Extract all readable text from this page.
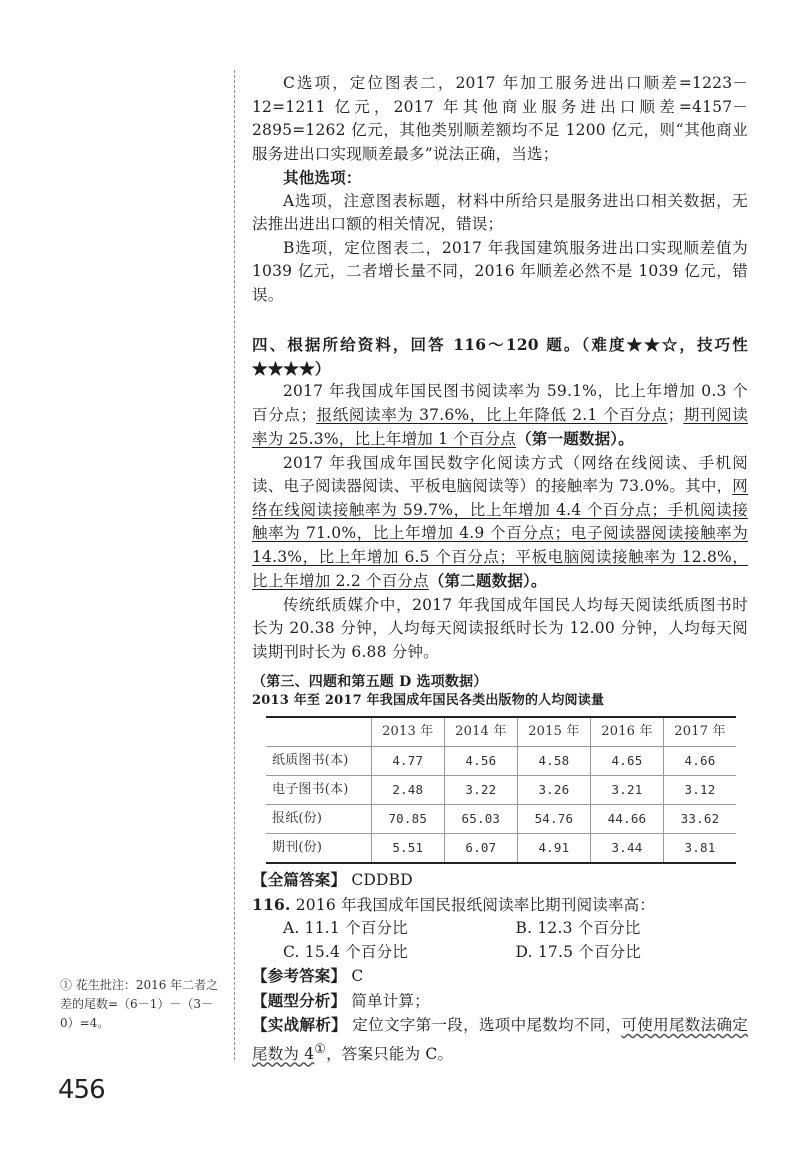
C选项，定位图表二，2017 年加工服务进出口顺差=1223－12=1211 亿元，2017 年其他商业服务进出口顺差=4157－2895=1262 亿元，其他类别顺差额均不足 1200 亿元，则“其他商业服务进出口实现顺差最多”说法正确，当选；

其他选项：

A选项，注意图表标题，材料中所给只是服务进出口相关数据，无法推出进出口额的相关情况，错误；

B选项，定位图表二，2017 年我国建筑服务进出口实现顺差值为 1039 亿元，二者增长量不同，2016 年顺差必然不是 1039 亿元，错误。

四、根据所给资料，回答 116～120 题。（难度★★☆，技巧性★★★★）

2017 年我国成年国民图书阅读率为 59.1%，比上年增加 0.3 个百分点；报纸阅读率为 37.6%，比上年降低 2.1 个百分点；期刊阅读率为 25.3%，比上年增加 1 个百分点（第一题数据）。

2017 年我国成年国民数字化阅读方式（网络在线阅读、手机阅读、电子阅读器阅读、平板电脑阅读等）的接触率为 73.0%。其中，网络在线阅读接触率为 59.7%，比上年增加 4.4 个百分点；手机阅读接触率为 71.0%，比上年增加 4.9 个百分点；电子阅读器阅读接触率为 14.3%，比上年增加 6.5 个百分点；平板电脑阅读接触率为 12.8%，比上年增加 2.2 个百分点（第二题数据）。

传统纸质媒介中，2017 年我国成年国民人均每天阅读纸质图书时长为 20.38 分钟，人均每天阅读报纸时长为 12.00 分钟，人均每天阅读期刊时长为 6.88 分钟。

（第三、四题和第五题 D 选项数据）

2013 年至 2017 年我国成年国民各类出版物的人均阅读量

	2013 年	2014 年	2015 年	2016 年	2017 年
纸质图书(本)	4.77	4.56	4.58	4.65	4.66
电子图书(本)	2.48	3.22	3.26	3.21	3.12
报纸(份)	70.85	65.03	54.76	44.66	33.62
期刊(份)	5.51	6.07	4.91	3.44	3.81

【全篇答案】 CDDBD

116. 2016 年我国成年国民报纸阅读率比期刊阅读率高：

A. 11.1 个百分比	B. 12.3 个百分比
C. 15.4 个百分比	D. 17.5 个百分比

【参考答案】 C

【题型分析】 简单计算；

【实战解析】 定位文字第一段，选项中尾数均不同，可使用尾数法确定尾数为 4①，答案只能为 C。

① 花生批注：2016 年二者之差的尾数=（6－1）－（3－0）=4。
456
